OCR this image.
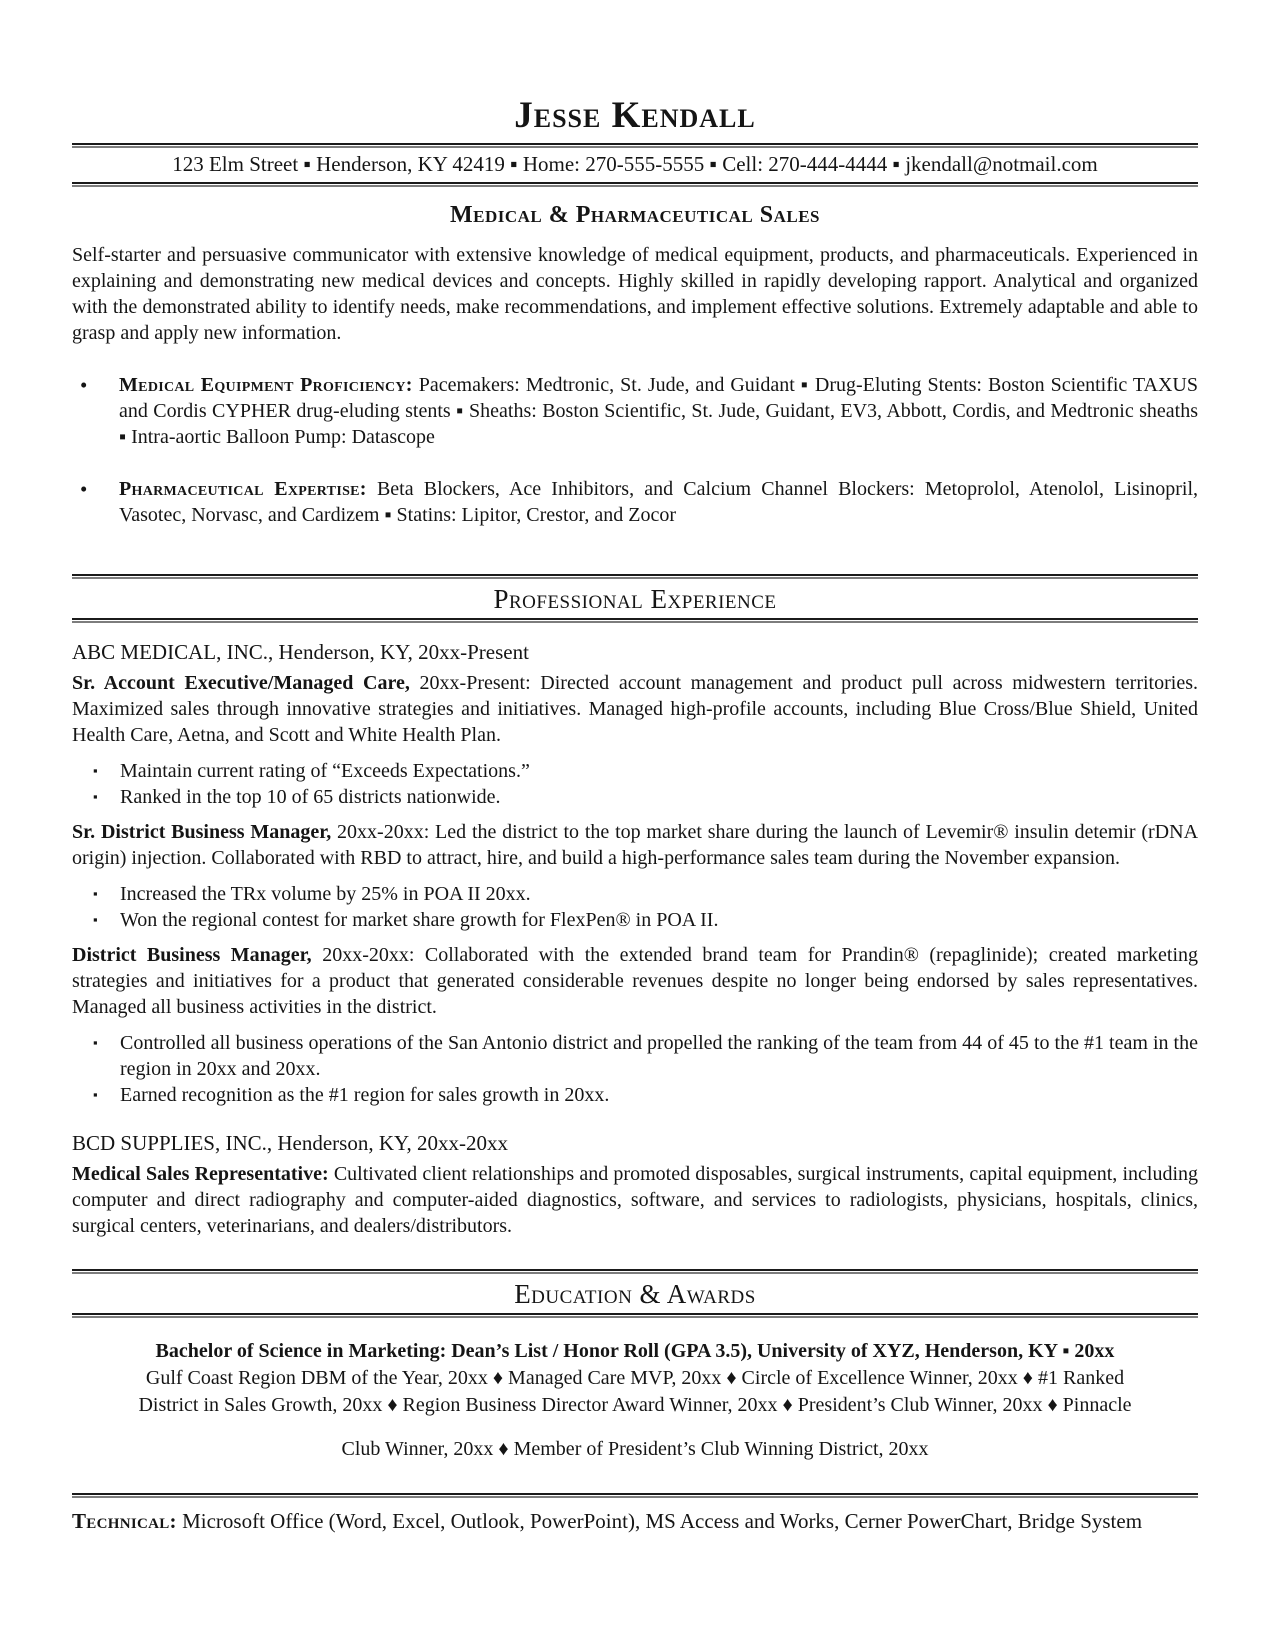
Jesse Kendall
123 Elm Street ▪ Henderson, KY 42419 ▪ Home: 270-555-5555 ▪ Cell: 270-444-4444 ▪ jkendall@notmail.com
Medical & Pharmaceutical Sales

Self-starter and persuasive communicator with extensive knowledge of medical equipment, products, and pharmaceuticals. Experienced in explaining and demonstrating new medical devices and concepts. Highly skilled in rapidly developing rapport. Analytical and organized with the demonstrated ability to identify needs, make recommendations, and implement effective solutions. Extremely adaptable and able to grasp and apply new information.

•	Medical Equipment Proficiency: Pacemakers: Medtronic, St. Jude, and Guidant ▪ Drug-Eluting Stents: Boston Scientific TAXUS and Cordis CYPHER drug-eluding stents ▪ Sheaths: Boston Scientific, St. Jude, Guidant, EV3, Abbott, Cordis, and Medtronic sheaths ▪ Intra-aortic Balloon Pump: Datascope
•	Pharmaceutical Expertise: Beta Blockers, Ace Inhibitors, and Calcium Channel Blockers: Metoprolol, Atenolol, Lisinopril, Vasotec, Norvasc, and Cardizem ▪ Statins: Lipitor, Crestor, and Zocor
Professional Experience
ABC MEDICAL, INC., Henderson, KY, 20xx-Present

Sr. Account Executive/Managed Care, 20xx-Present: Directed account management and product pull across midwestern territories. Maximized sales through innovative strategies and initiatives. Managed high-profile accounts, including Blue Cross/Blue Shield, United Health Care, Aetna, and Scott and White Health Plan.

▪	Maintain current rating of “Exceeds Expectations.”
▪	Ranked in the top 10 of 65 districts nationwide.

Sr. District Business Manager, 20xx-20xx: Led the district to the top market share during the launch of Levemir® insulin detemir (rDNA origin) injection. Collaborated with RBD to attract, hire, and build a high-performance sales team during the November expansion.

▪	Increased the TRx volume by 25% in POA II 20xx.
▪	Won the regional contest for market share growth for FlexPen® in POA II.

District Business Manager, 20xx-20xx: Collaborated with the extended brand team for Prandin® (repaglinide); created marketing strategies and initiatives for a product that generated considerable revenues despite no longer being endorsed by sales representatives. Managed all business activities in the district.

▪	Controlled all business operations of the San Antonio district and propelled the ranking of the team from 44 of 45 to the #1 team in the region in 20xx and 20xx.
▪	Earned recognition as the #1 region for sales growth in 20xx.
BCD SUPPLIES, INC., Henderson, KY, 20xx-20xx

Medical Sales Representative: Cultivated client relationships and promoted disposables, surgical instruments, capital equipment, including computer and direct radiography and computer-aided diagnostics, software, and services to radiologists, physicians, hospitals, clinics, surgical centers, veterinarians, and dealers/distributors.

Education & Awards
Bachelor of Science in Marketing: Dean’s List / Honor Roll (GPA 3.5), University of XYZ, Henderson, KY ▪ 20xx
Gulf Coast Region DBM of the Year, 20xx ♦ Managed Care MVP, 20xx ♦ Circle of Excellence Winner, 20xx ♦ #1 Ranked
District in Sales Growth, 20xx ♦ Region Business Director Award Winner, 20xx ♦ President’s Club Winner, 20xx ♦ Pinnacle
Club Winner, 20xx ♦ Member of President’s Club Winning District, 20xx

Technical: Microsoft Office (Word, Excel, Outlook, PowerPoint), MS Access and Works, Cerner PowerChart, Bridge System
